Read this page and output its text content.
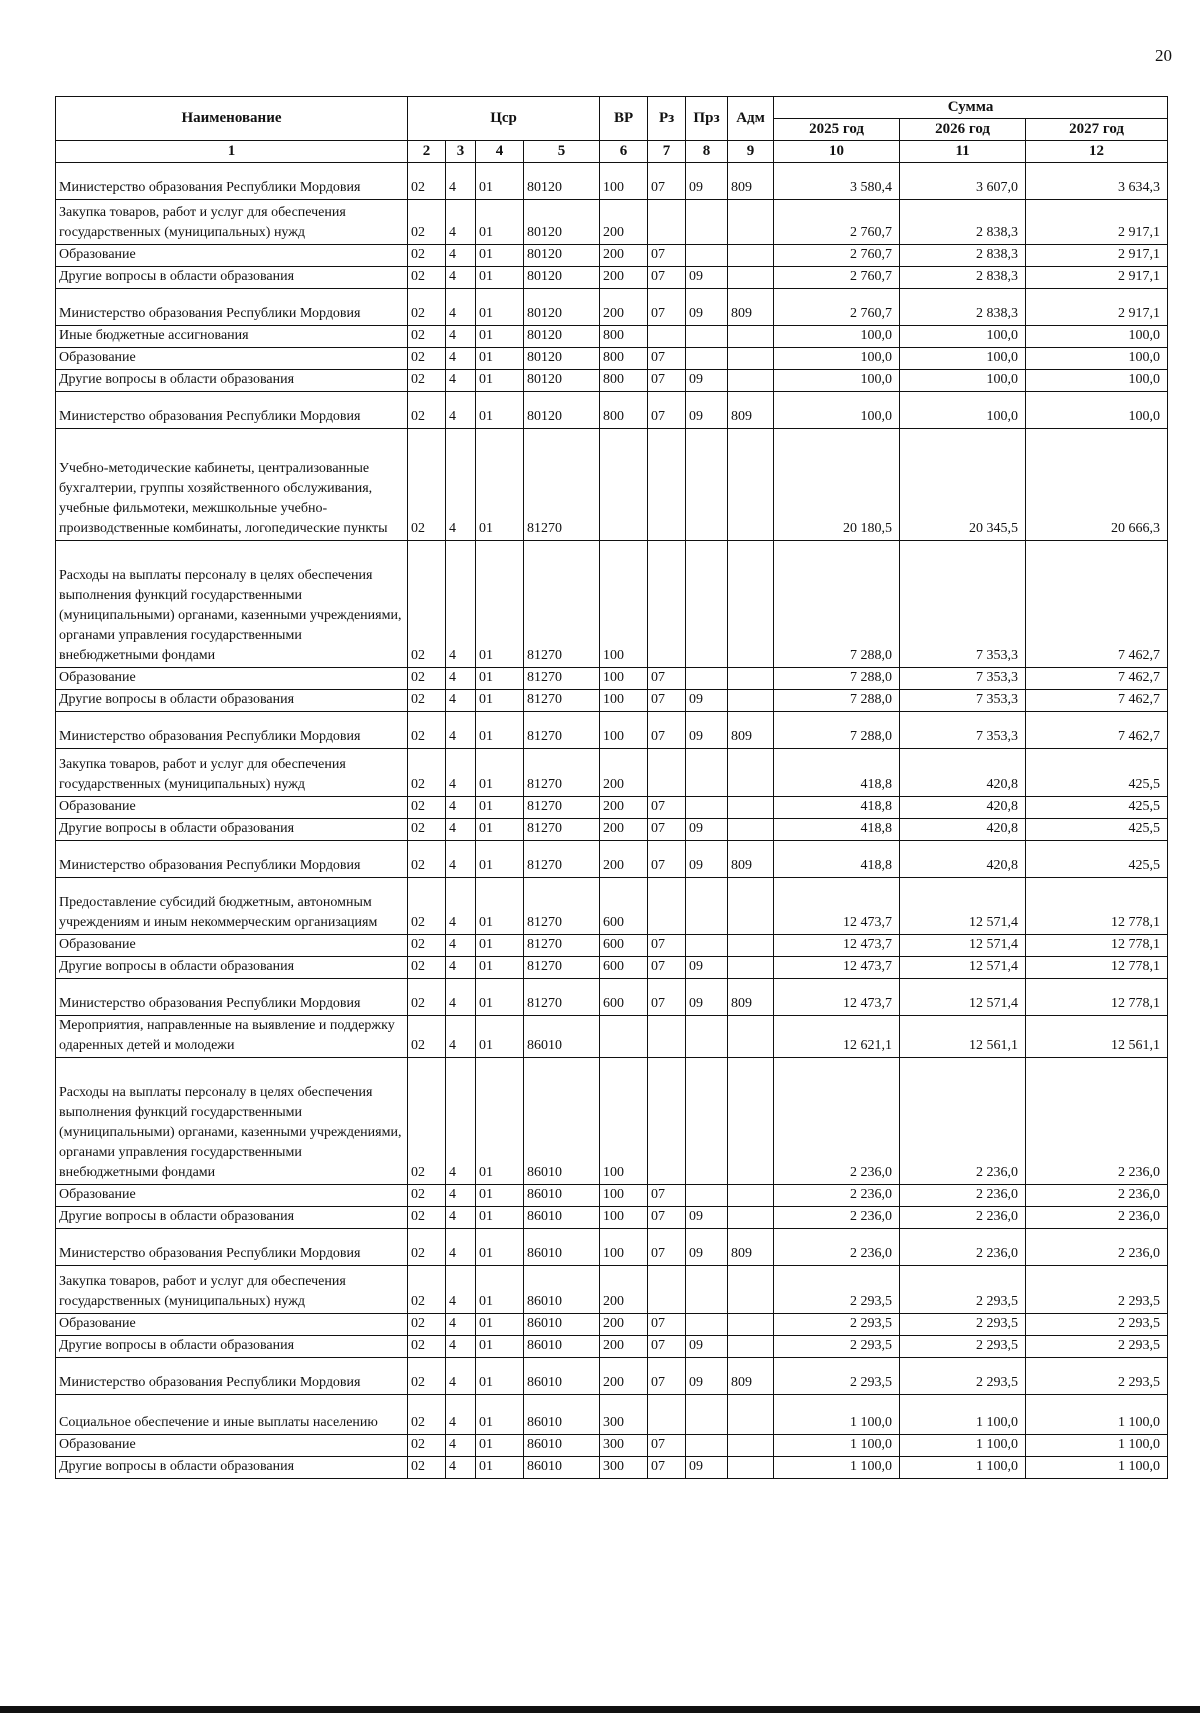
20
Наименование	Цср				ВР	Рз	Прз	Адм	Сумма		
									2025 год	2026 год	2027 год
1	2	3	4	5	6	7	8	9	10	11	12
Министерство образования Республики Мордовия	02	4	01	80120	100	07	09	809	3 580,4	3 607,0	3 634,3
Закупка товаров, работ и услуг для обеспечения государственных (муниципальных) нужд	02	4	01	80120	200				2 760,7	2 838,3	2 917,1
Образование	02	4	01	80120	200	07			2 760,7	2 838,3	2 917,1
Другие вопросы в области образования	02	4	01	80120	200	07	09		2 760,7	2 838,3	2 917,1
Министерство образования Республики Мордовия	02	4	01	80120	200	07	09	809	2 760,7	2 838,3	2 917,1
Иные бюджетные ассигнования	02	4	01	80120	800				100,0	100,0	100,0
Образование	02	4	01	80120	800	07			100,0	100,0	100,0
Другие вопросы в области образования	02	4	01	80120	800	07	09		100,0	100,0	100,0
Министерство образования Республики Мордовия	02	4	01	80120	800	07	09	809	100,0	100,0	100,0
Учебно-методические кабинеты, централизованные бухгалтерии, группы хозяйственного обслуживания, учебные фильмотеки, межшкольные учебно-производственные комбинаты, логопедические пункты	02	4	01	81270					20 180,5	20 345,5	20 666,3
Расходы на выплаты персоналу в целях обеспечения выполнения функций государственными (муниципальными) органами, казенными учреждениями, органами управления государственными внебюджетными фондами	02	4	01	81270	100				7 288,0	7 353,3	7 462,7
Образование	02	4	01	81270	100	07			7 288,0	7 353,3	7 462,7
Другие вопросы в области образования	02	4	01	81270	100	07	09		7 288,0	7 353,3	7 462,7
Министерство образования Республики Мордовия	02	4	01	81270	100	07	09	809	7 288,0	7 353,3	7 462,7
Закупка товаров, работ и услуг для обеспечения государственных (муниципальных) нужд	02	4	01	81270	200				418,8	420,8	425,5
Образование	02	4	01	81270	200	07			418,8	420,8	425,5
Другие вопросы в области образования	02	4	01	81270	200	07	09		418,8	420,8	425,5
Министерство образования Республики Мордовия	02	4	01	81270	200	07	09	809	418,8	420,8	425,5
Предоставление субсидий бюджетным, автономным учреждениям и иным некоммерческим организациям	02	4	01	81270	600				12 473,7	12 571,4	12 778,1
Образование	02	4	01	81270	600	07			12 473,7	12 571,4	12 778,1
Другие вопросы в области образования	02	4	01	81270	600	07	09		12 473,7	12 571,4	12 778,1
Министерство образования Республики Мордовия	02	4	01	81270	600	07	09	809	12 473,7	12 571,4	12 778,1
Мероприятия, направленные на выявление и поддержку одаренных детей и молодежи	02	4	01	86010					12 621,1	12 561,1	12 561,1
Расходы на выплаты персоналу в целях обеспечения выполнения функций государственными (муниципальными) органами, казенными учреждениями, органами управления государственными внебюджетными фондами	02	4	01	86010	100				2 236,0	2 236,0	2 236,0
Образование	02	4	01	86010	100	07			2 236,0	2 236,0	2 236,0
Другие вопросы в области образования	02	4	01	86010	100	07	09		2 236,0	2 236,0	2 236,0
Министерство образования Республики Мордовия	02	4	01	86010	100	07	09	809	2 236,0	2 236,0	2 236,0
Закупка товаров, работ и услуг для обеспечения государственных (муниципальных) нужд	02	4	01	86010	200				2 293,5	2 293,5	2 293,5
Образование	02	4	01	86010	200	07			2 293,5	2 293,5	2 293,5
Другие вопросы в области образования	02	4	01	86010	200	07	09		2 293,5	2 293,5	2 293,5
Министерство образования Республики Мордовия	02	4	01	86010	200	07	09	809	2 293,5	2 293,5	2 293,5
Социальное обеспечение и иные выплаты населению	02	4	01	86010	300				1 100,0	1 100,0	1 100,0
Образование	02	4	01	86010	300	07			1 100,0	1 100,0	1 100,0
Другие вопросы в области образования	02	4	01	86010	300	07	09		1 100,0	1 100,0	1 100,0
